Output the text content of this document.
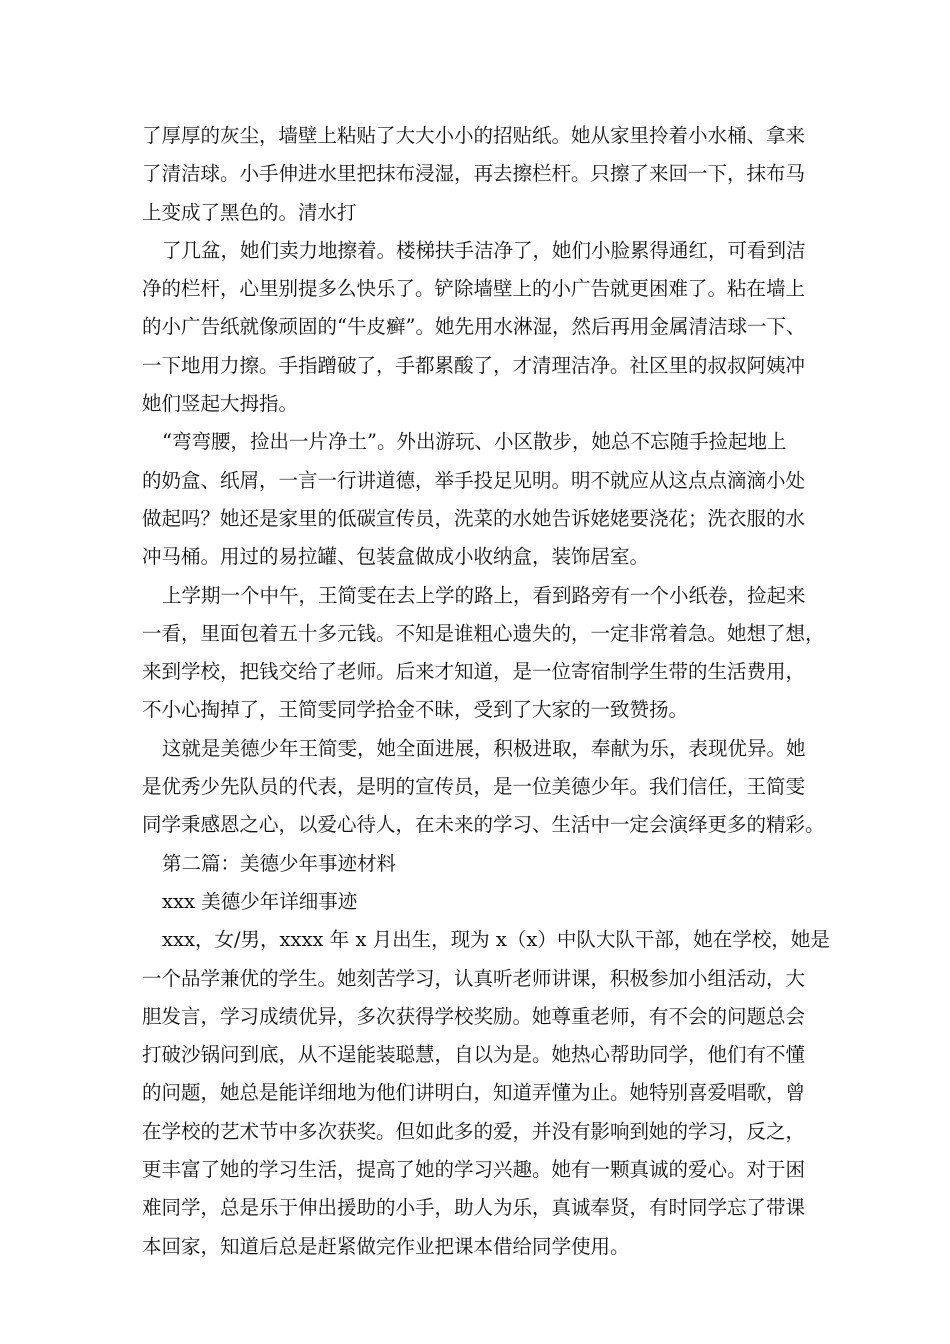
了厚厚的灰尘，墙壁上粘贴了大大小小的招贴纸。她从家里拎着小水桶、拿来
了清洁球。小手伸进水里把抹布浸湿，再去擦栏杆。只擦了来回一下，抹布马
上变成了黑色的。清水打

了几盆，她们卖力地擦着。楼梯扶手洁净了，她们小脸累得通红，可看到洁
净的栏杆，心里别提多么快乐了。铲除墙壁上的小广告就更困难了。粘在墙上
的小广告纸就像顽固的“牛皮癣”。她先用水淋湿，然后再用金属清洁球一下、
一下地用力擦。手指蹭破了，手都累酸了，才清理洁净。社区里的叔叔阿姨冲
她们竖起大拇指。

“弯弯腰，捡出一片净土”。外出游玩、小区散步，她总不忘随手捡起地上
的奶盒、纸屑，一言一行讲道德，举手投足见明。明不就应从这点点滴滴小处
做起吗？她还是家里的低碳宣传员，洗菜的水她告诉姥姥要浇花；洗衣服的水
冲马桶。用过的易拉罐、包装盒做成小收纳盒，装饰居室。

上学期一个中午，王简雯在去上学的路上，看到路旁有一个小纸卷，捡起来
一看，里面包着五十多元钱。不知是谁粗心遗失的，一定非常着急。她想了想，
来到学校，把钱交给了老师。后来才知道，是一位寄宿制学生带的生活费用，
不小心掏掉了，王简雯同学拾金不昧，受到了大家的一致赞扬。

这就是美德少年王简雯，她全面进展，积极进取，奉献为乐，表现优异。她
是优秀少先队员的代表，是明的宣传员，是一位美德少年。我们信任，王简雯
同学秉感恩之心，以爱心待人，在未来的学习、生活中一定会演绎更多的精彩。

第二篇：美德少年事迹材料

xxx 美德少年详细事迹

xxx，女/男，xxxx 年 x 月出生，现为 x（x）中队大队干部，她在学校，她是
一个品学兼优的学生。她刻苦学习，认真听老师讲课，积极参加小组活动，大
胆发言，学习成绩优异，多次获得学校奖励。她尊重老师，有不会的问题总会
打破沙锅问到底，从不逞能装聪慧，自以为是。她热心帮助同学，他们有不懂
的问题，她总是能详细地为他们讲明白，知道弄懂为止。她特别喜爱唱歌，曾
在学校的艺术节中多次获奖。但如此多的爱，并没有影响到她的学习，反之，
更丰富了她的学习生活，提高了她的学习兴趣。她有一颗真诚的爱心。对于困
难同学，总是乐于伸出援助的小手，助人为乐，真诚奉贤，有时同学忘了带课
本回家，知道后总是赶紧做完作业把课本借给同学使用。
